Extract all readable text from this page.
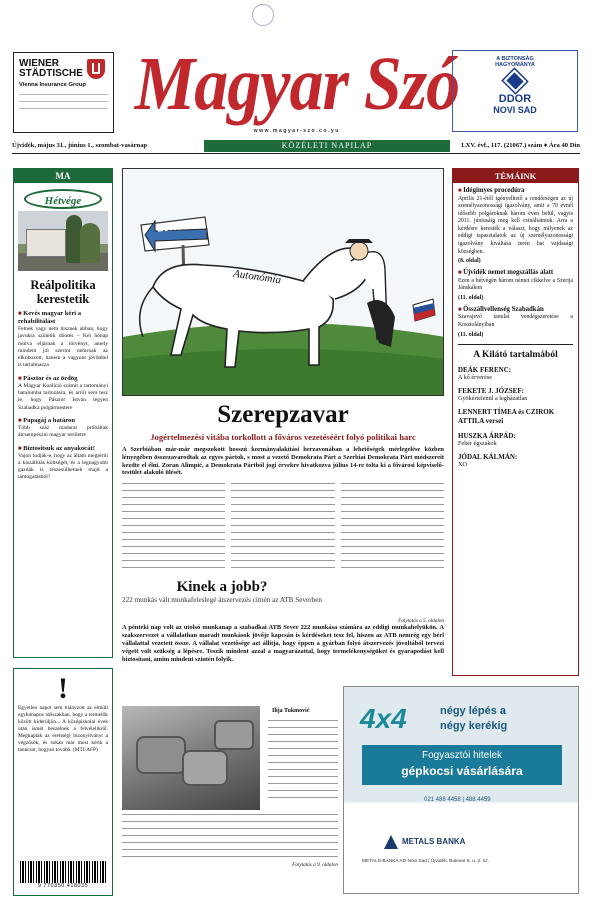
WIENER
STÄDTISCHE
Vienna Insurance Group Magyar Szó
w w w . m a g y a r - s z o . c o . y u
A BIZTONSÁG HAGYOMÁNYA
DDOR
NOVI SAD
Újvidék, május 31., június 1., szombat-vasárnap	KÖZÉLETI NAPILAP	LXV. évf., 117. (21067.) szám ♦ Ára 40 Din
MA
Hétvége
Reálpolitika kerestetik
■ Kevés magyar kéri a rehabilitálást

Felnek vagy nem hisznek abban, hogy javukra születik döntés – Kéi hónap múlva eljárnak a törvényt, amely mindent jól szerint nemcsak az elkobozott, hanem a vagyont jövőtétel is tartalmazza

■ Pásztor és az ördög

A Magyar Koalíció számít a tartományi hatalomba tartozásra, és arról sem tesz le, hogy Pásztor István legyen Szabadka polgármestere

■ Papagáj a határon

Több száz madarat próbáltak átcsempészni magyar területre

■ Biztosítsuk az anyakocát!

Vajon tudják-e, hogy az állam megtéríti a kiszállítás költségét, és a legnagyobb gazdák is részesülhetnek majd a támogatásból?

!

Egyetlen napot sem hiányzott az elmúlt egyhónapos időszakban, hogy a termelők között kiderüljön... A középiskolai évek után ismét beszélnek a felvételikről. Megkapták az érettségi bizonyítványt a végzősök, és sokan már most kérik a tanácsot, hogyan tovább. (MTI/AFP)

9 770350 418035
EURÓPA
Autonómia
Szerepzavar
Jogértelmezési vitába torkollott a főváros vezetéséért folyó politikai harc
A Szerbiában már-már megszokott hosszú kormányalakítási herzavonában a lehetőségek mérlegelése közben lényegében összezavarodtak az egyes pártok, s most a vezető Demokrata Párt a Szerbiai Demokrata Párt módszereit kezdte el élni. Zoran Alimpić, a Demokrata Pártból jogi érvekre hivatkozva július 14-re tolta ki a fővárosi képviselő-testület alakuló ülését.
Kinek a jobb?
222 munkás vált munkafeleslegé átszervezés címén az ATB Severben
Folytatás a 5. oldalon
A pénteki nap volt az utolsó munkanap a szabadkai ATB Sever 222 munkása számára az eddigi munkahelyükön. A szakszervezet a vállalathan maradt munkások jövője kapcsán is kérdéseket tesz fel, hiszen az ATB nemrég egy bérl vállalattal vezetett össze. A vállalat vezetősége azt állítja, hogy éppen a gyárban folyó átszervezés jóvoltából tervezi végett volt szükség a lépésre. Teszik mindent azzal a magyarázattal, hogy termelékenységüket és gyarapodást kell biztosítani, amim mindent szintén folyik.
Ilija Tukmović
Folytatás a 9. oldalon
TÉMÁINK
■ Idégimyes procedúra

Április 21-étől igényelhető a rendőrségen az új személyazonossági igazolvány, amit a 70 évnél idősebb polgároknak három éven belül, vagyis 2011. júniusáig meg kell csináltatniuk. Arra a kérdésre keresték a választ, hogy milyenek az eddigi tapasztalatok az új személyazonossági igazolvány kiváltása terén hat vajdasági községben.

(8. oldal)
■ Újvidék nemet megszállás alatt

Ezen a hétvégén három német cikkelve a Szerija Jánskákon

(11. oldal)
■ Összállvellenség Szabadkán

Szavajevó tanulat vendégszeretése a Kosztolányiban

(11. oldal)
A Kilátó tartalmából
DEÁK FERENC:
A kő érverése
FEKETE J. JÓZSEF:
Gyökértelenül a legházatlan
LENNERT TÍMEA és CZIROK ATTILA versei
HUSZKA ÁRPÁD:
Fehér égszakok
JÓDAL KÁLMÁN:
XO
4x4	négy lépés a
négy kerékig
Fogyasztói hitelek
gépkocsi vásárlására
021 488 4458 | 488 4459
METALS BANKA
METALS-BANKA AD Novi Sad | Újvidék, Bulevar 8. u. 2. sz.
